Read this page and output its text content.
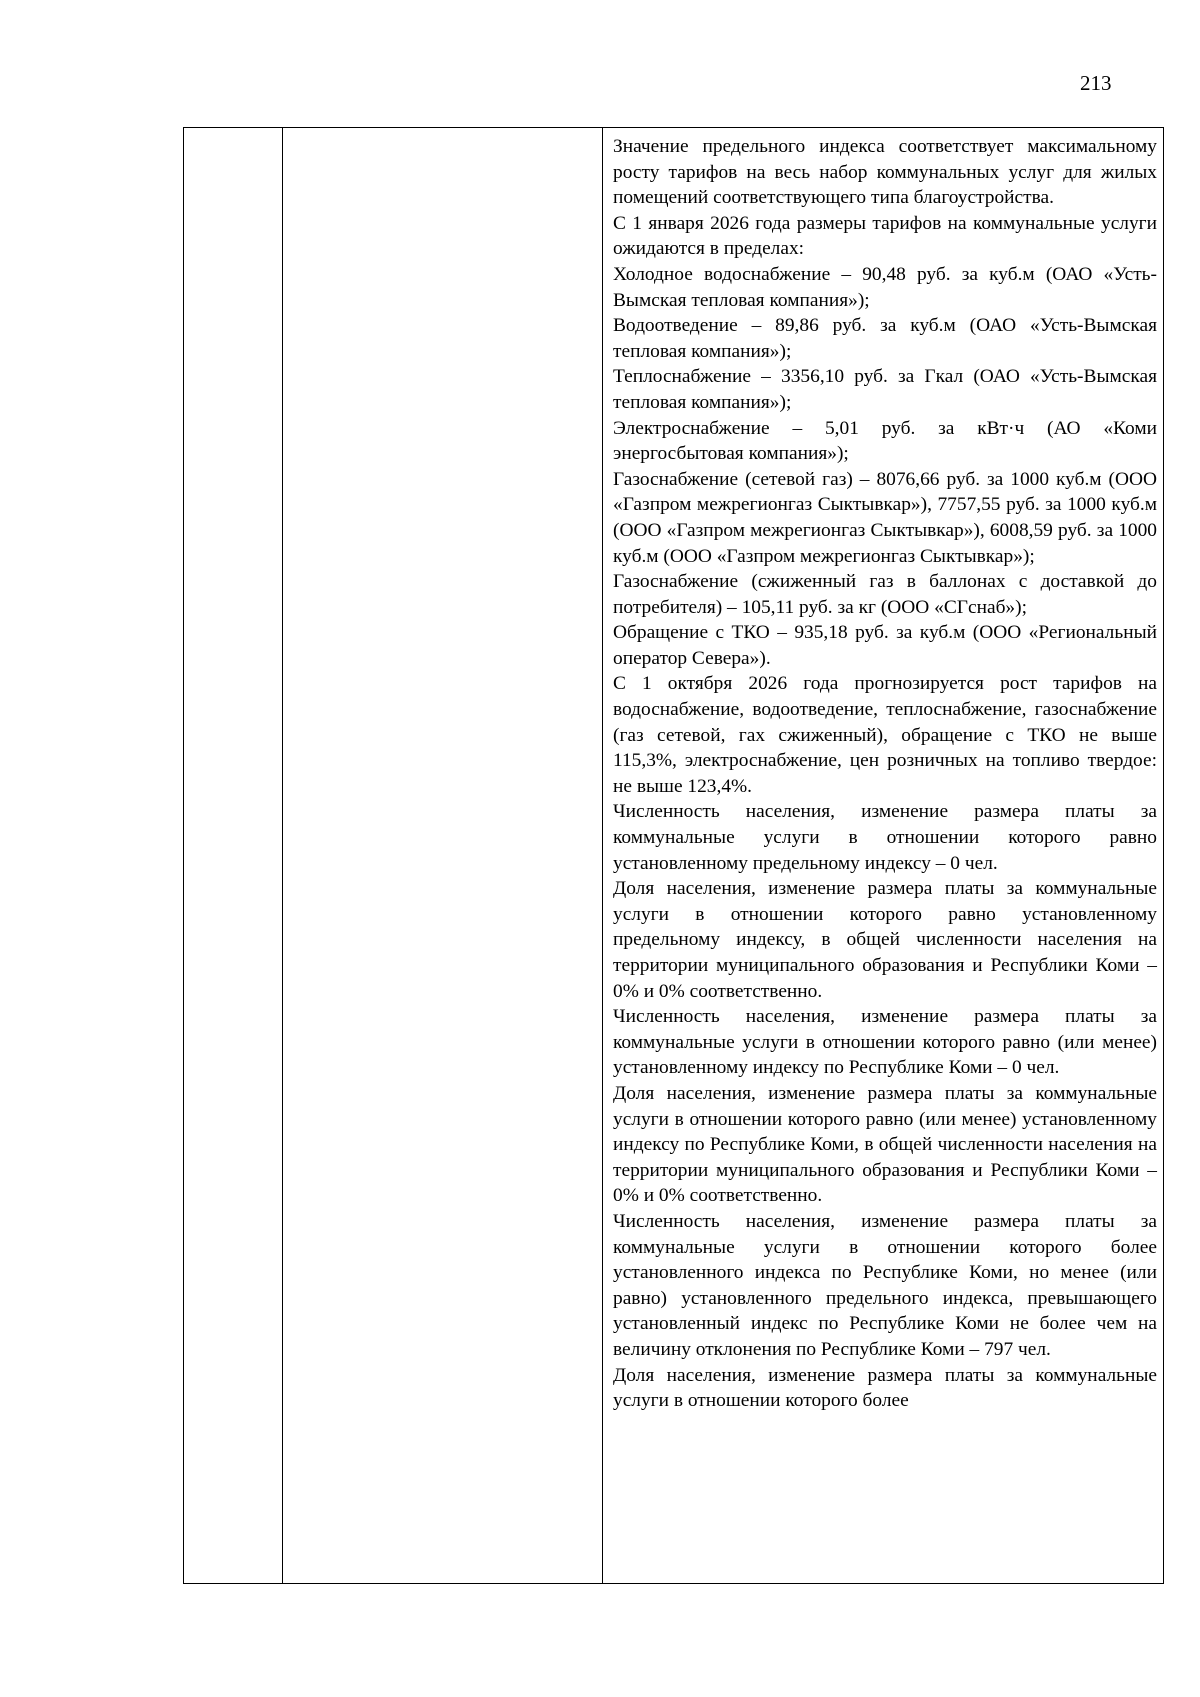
213

Значение предельного индекса соответствует максимальному росту тарифов на весь набор коммунальных услуг для жилых помещений соответствующего типа благоустройства.

С 1 января 2026 года размеры тарифов на коммунальные услуги ожидаются в пределах:

Холодное водоснабжение – 90,48 руб. за куб.м (ОАО «Усть-Вымская тепловая компания»);

Водоотведение – 89,86 руб. за куб.м (ОАО «Усть-Вымская тепловая компания»);

Теплоснабжение – 3356,10 руб. за Гкал (ОАО «Усть-Вымская тепловая компания»);

Электроснабжение – 5,01 руб. за кВт·ч (АО «Коми энергосбытовая компания»);

Газоснабжение (сетевой газ) – 8076,66 руб. за 1000 куб.м (ООО «Газпром межрегионгаз Сыктывкар»), 7757,55 руб. за 1000 куб.м (ООО «Газпром межрегионгаз Сыктывкар»), 6008,59 руб. за 1000 куб.м (ООО «Газпром межрегионгаз Сыктывкар»);

Газоснабжение (сжиженный газ в баллонах с доставкой до потребителя) – 105,11 руб. за кг (ООО «СГснаб»);

Обращение с ТКО – 935,18 руб. за куб.м (ООО «Региональный оператор Севера»).

С 1 октября 2026 года прогнозируется рост тарифов на водоснабжение, водоотведение, теплоснабжение, газоснабжение (газ сетевой, гах сжиженный), обращение с ТКО не выше 115,3%, электроснабжение, цен розничных на топливо твердое: не выше 123,4%.

Численность населения, изменение размера платы за коммунальные услуги в отношении которого равно установленному предельному индексу – 0 чел.

Доля населения, изменение размера платы за коммунальные услуги в отношении которого равно установленному предельному индексу, в общей численности населения на территории муниципального образования и Республики Коми – 0% и 0% соответственно.

Численность населения, изменение размера платы за коммунальные услуги в отношении которого равно (или менее) установленному индексу по Республике Коми – 0 чел.

Доля населения, изменение размера платы за коммунальные услуги в отношении которого равно (или менее) установленному индексу по Республике Коми, в общей численности населения на территории муниципального образования и Республики Коми – 0% и 0% соответственно.

Численность населения, изменение размера платы за коммунальные услуги в отношении которого более установленного индекса по Республике Коми, но менее (или равно) установленного предельного индекса, превышающего установленный индекс по Республике Коми не более чем на величину отклонения по Республике Коми – 797 чел.

Доля населения, изменение размера платы за коммунальные услуги в отношении которого более
